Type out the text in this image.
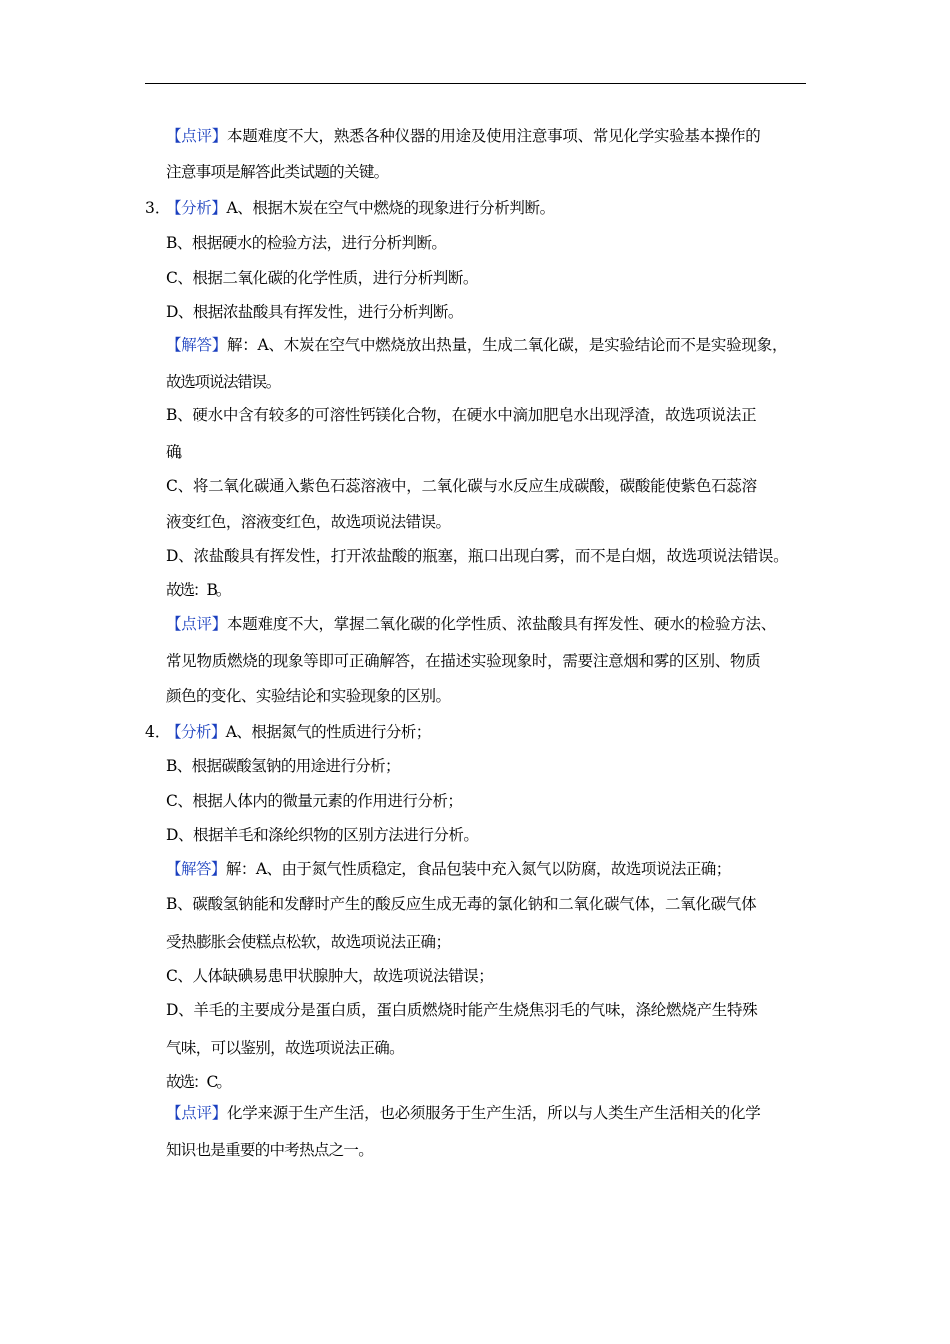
【点评】本题难度不大，熟悉各种仪器的用途及使用注意事项、常见化学实验基本操作的
注意事项是解答此类试题的关键。
3．
【分析】A、根据木炭在空气中燃烧的现象进行分析判断。
B、根据硬水的检验方法，进行分析判断。
C、根据二氧化碳的化学性质，进行分析判断。
D、根据浓盐酸具有挥发性，进行分析判断。
【解答】解：A、木炭在空气中燃烧放出热量，生成二氧化碳，是实验结论而不是实验现象，
故选项说法错误。
B、硬水中含有较多的可溶性钙镁化合物，在硬水中滴加肥皂水出现浮渣，故选项说法正
确。
C、将二氧化碳通入紫色石蕊溶液中，二氧化碳与水反应生成碳酸，碳酸能使紫色石蕊溶
液变红色，溶液变红色，故选项说法错误。
D、浓盐酸具有挥发性，打开浓盐酸的瓶塞，瓶口出现白雾，而不是白烟，故选项说法错误。
故选：B。
【点评】本题难度不大，掌握二氧化碳的化学性质、浓盐酸具有挥发性、硬水的检验方法、
常见物质燃烧的现象等即可正确解答，在描述实验现象时，需要注意烟和雾的区别、物质
颜色的变化、实验结论和实验现象的区别。
4．
【分析】A、根据氮气的性质进行分析；
B、根据碳酸氢钠的用途进行分析；
C、根据人体内的微量元素的作用进行分析；
D、根据羊毛和涤纶织物的区别方法进行分析。
【解答】解：A、由于氮气性质稳定，食品包装中充入氮气以防腐，故选项说法正确；
B、碳酸氢钠能和发酵时产生的酸反应生成无毒的氯化钠和二氧化碳气体，二氧化碳气体
受热膨胀会使糕点松软，故选项说法正确；
C、人体缺碘易患甲状腺肿大，故选项说法错误；
D、羊毛的主要成分是蛋白质，蛋白质燃烧时能产生烧焦羽毛的气味，涤纶燃烧产生特殊
气味，可以鉴别，故选项说法正确。
故选：C。
【点评】化学来源于生产生活，也必须服务于生产生活，所以与人类生产生活相关的化学
知识也是重要的中考热点之一。
